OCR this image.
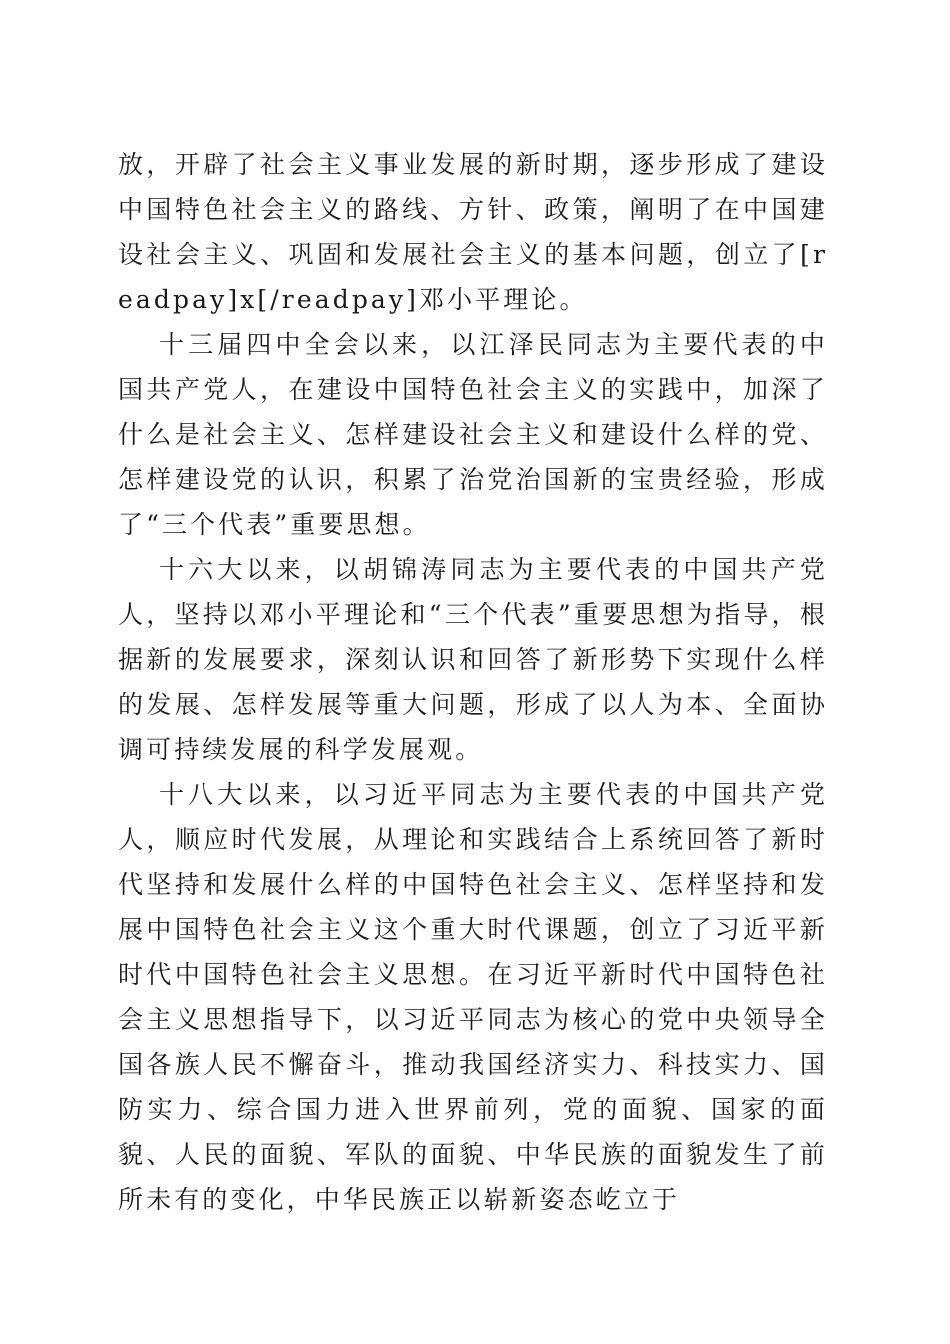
放，开辟了社会主义事业发展的新时期，逐步形成了建设中国特色社会主义的路线、方针、政策，阐明了在中国建设社会主义、巩固和发展社会主义的基本问题，创立了[readpay]x[/readpay]邓小平理论。

十三届四中全会以来，以江泽民同志为主要代表的中国共产党人，在建设中国特色社会主义的实践中，加深了什么是社会主义、怎样建设社会主义和建设什么样的党、怎样建设党的认识，积累了治党治国新的宝贵经验，形成了“三个代表”重要思想。

十六大以来，以胡锦涛同志为主要代表的中国共产党人，坚持以邓小平理论和“三个代表”重要思想为指导，根据新的发展要求，深刻认识和回答了新形势下实现什么样的发展、怎样发展等重大问题，形成了以人为本、全面协调可持续发展的科学发展观。

十八大以来，以习近平同志为主要代表的中国共产党人，顺应时代发展，从理论和实践结合上系统回答了新时代坚持和发展什么样的中国特色社会主义、怎样坚持和发展中国特色社会主义这个重大时代课题，创立了习近平新时代中国特色社会主义思想。在习近平新时代中国特色社会主义思想指导下，以习近平同志为核心的党中央领导全国各族人民不懈奋斗，推动我国经济实力、科技实力、国防实力、综合国力进入世界前列，党的面貌、国家的面貌、人民的面貌、军队的面貌、中华民族的面貌发生了前所未有的变化，中华民族正以崭新姿态屹立于
